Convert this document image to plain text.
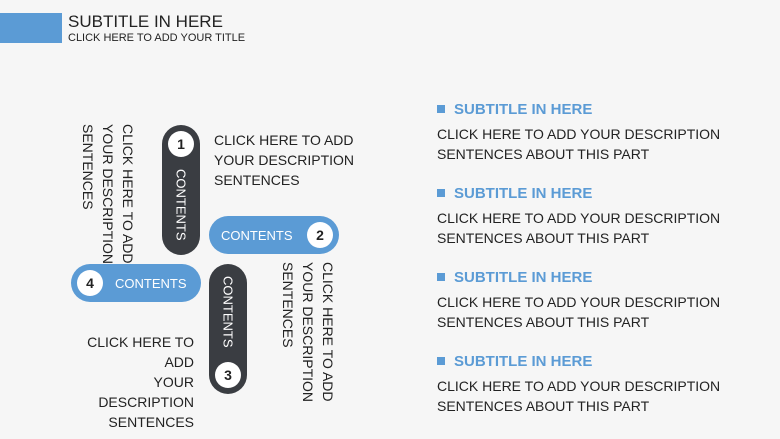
SUBTITLE IN HERE
CLICK HERE TO ADD YOUR TITLE
1
CONTENTS	CONTENTS	2
CONTENTS
3
4	CONTENTS
CLICK HERE TO ADD
YOUR DESCRIPTION
SENTENCES
CLICK HERE TO ADD
YOUR DESCRIPTION
SENTENCES
CLICK HERE TO ADD
YOUR DESCRIPTION
SENTENCES
CLICK HERE TO ADD
YOUR DESCRIPTION
SENTENCES
SUBTITLE IN HERE
CLICK HERE TO ADD YOUR DESCRIPTION
SENTENCES ABOUT THIS PART
SUBTITLE IN HERE
CLICK HERE TO ADD YOUR DESCRIPTION
SENTENCES ABOUT THIS PART
SUBTITLE IN HERE
CLICK HERE TO ADD YOUR DESCRIPTION
SENTENCES ABOUT THIS PART
SUBTITLE IN HERE
CLICK HERE TO ADD YOUR DESCRIPTION
SENTENCES ABOUT THIS PART
